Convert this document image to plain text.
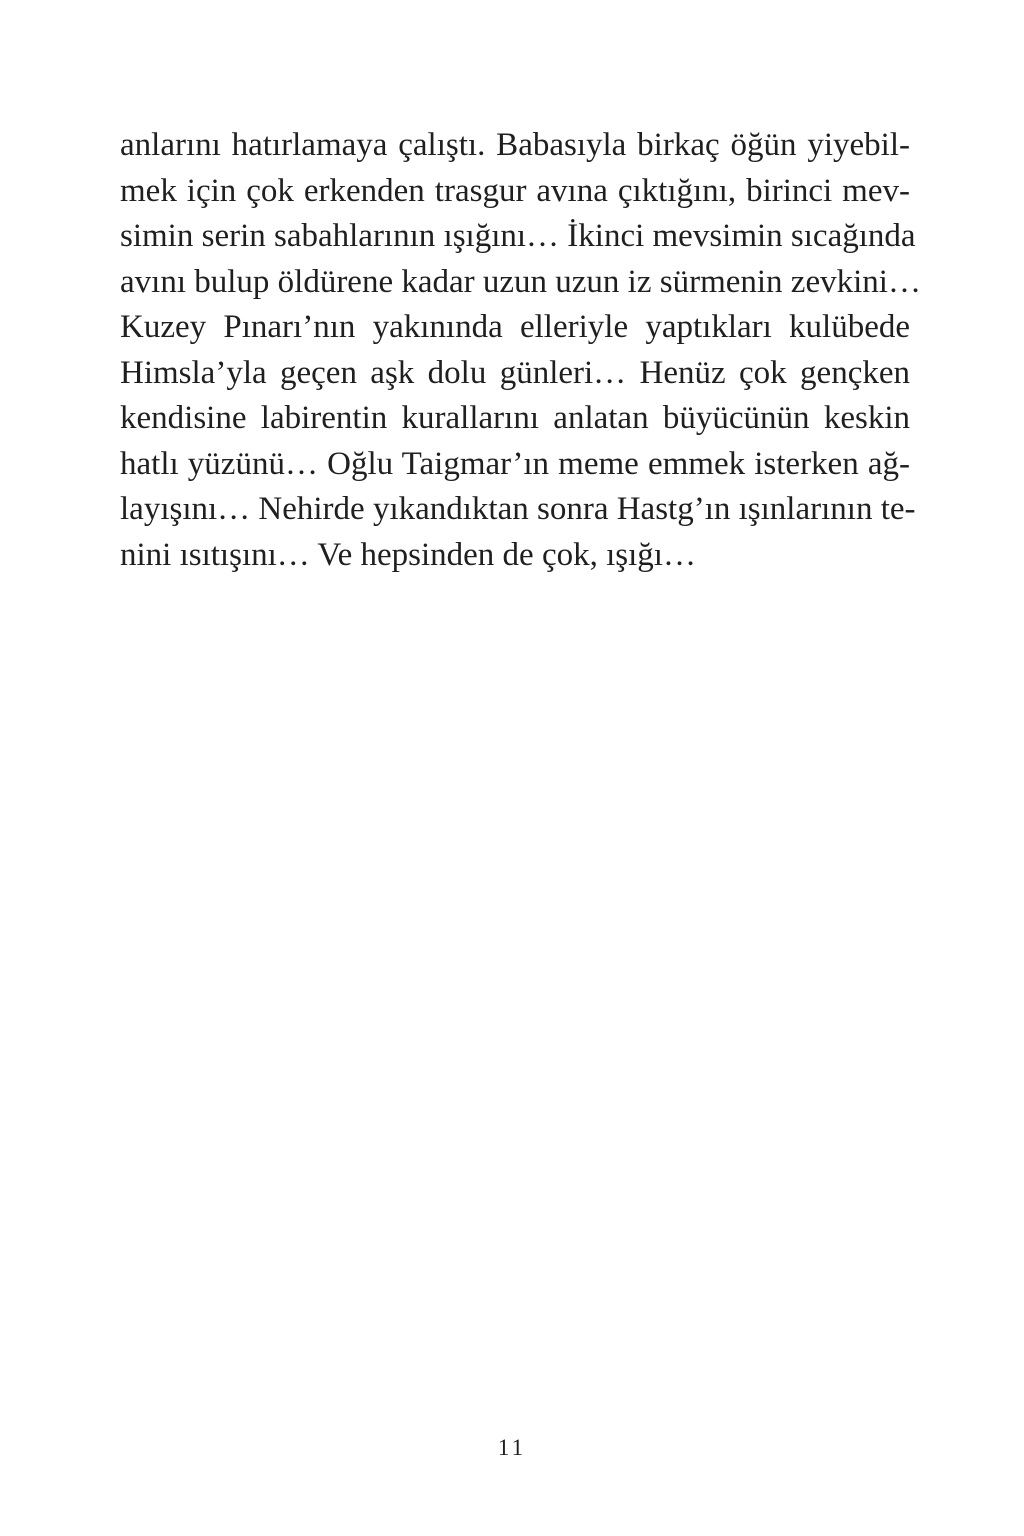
anlarını hatırlamaya çalıştı. Babasıyla birkaç öğün yiyebil-
mek için çok erkenden trasgur avına çıktığını, birinci mev-
simin serin sabahlarının ışığını… İkinci mevsimin sıcağında
avını bulup öldürene kadar uzun uzun iz sürmenin zevkini…
Kuzey Pınarı’nın yakınında elleriyle yaptıkları kulübede
Himsla’yla geçen aşk dolu günleri… Henüz çok gençken
kendisine labirentin kurallarını anlatan büyücünün keskin
hatlı yüzünü… Oğlu Taigmar’ın meme emmek isterken ağ-
layışını… Nehirde yıkandıktan sonra Hastg’ın ışınlarının te-
nini ısıtışını… Ve hepsinden de çok, ışığı…
11
